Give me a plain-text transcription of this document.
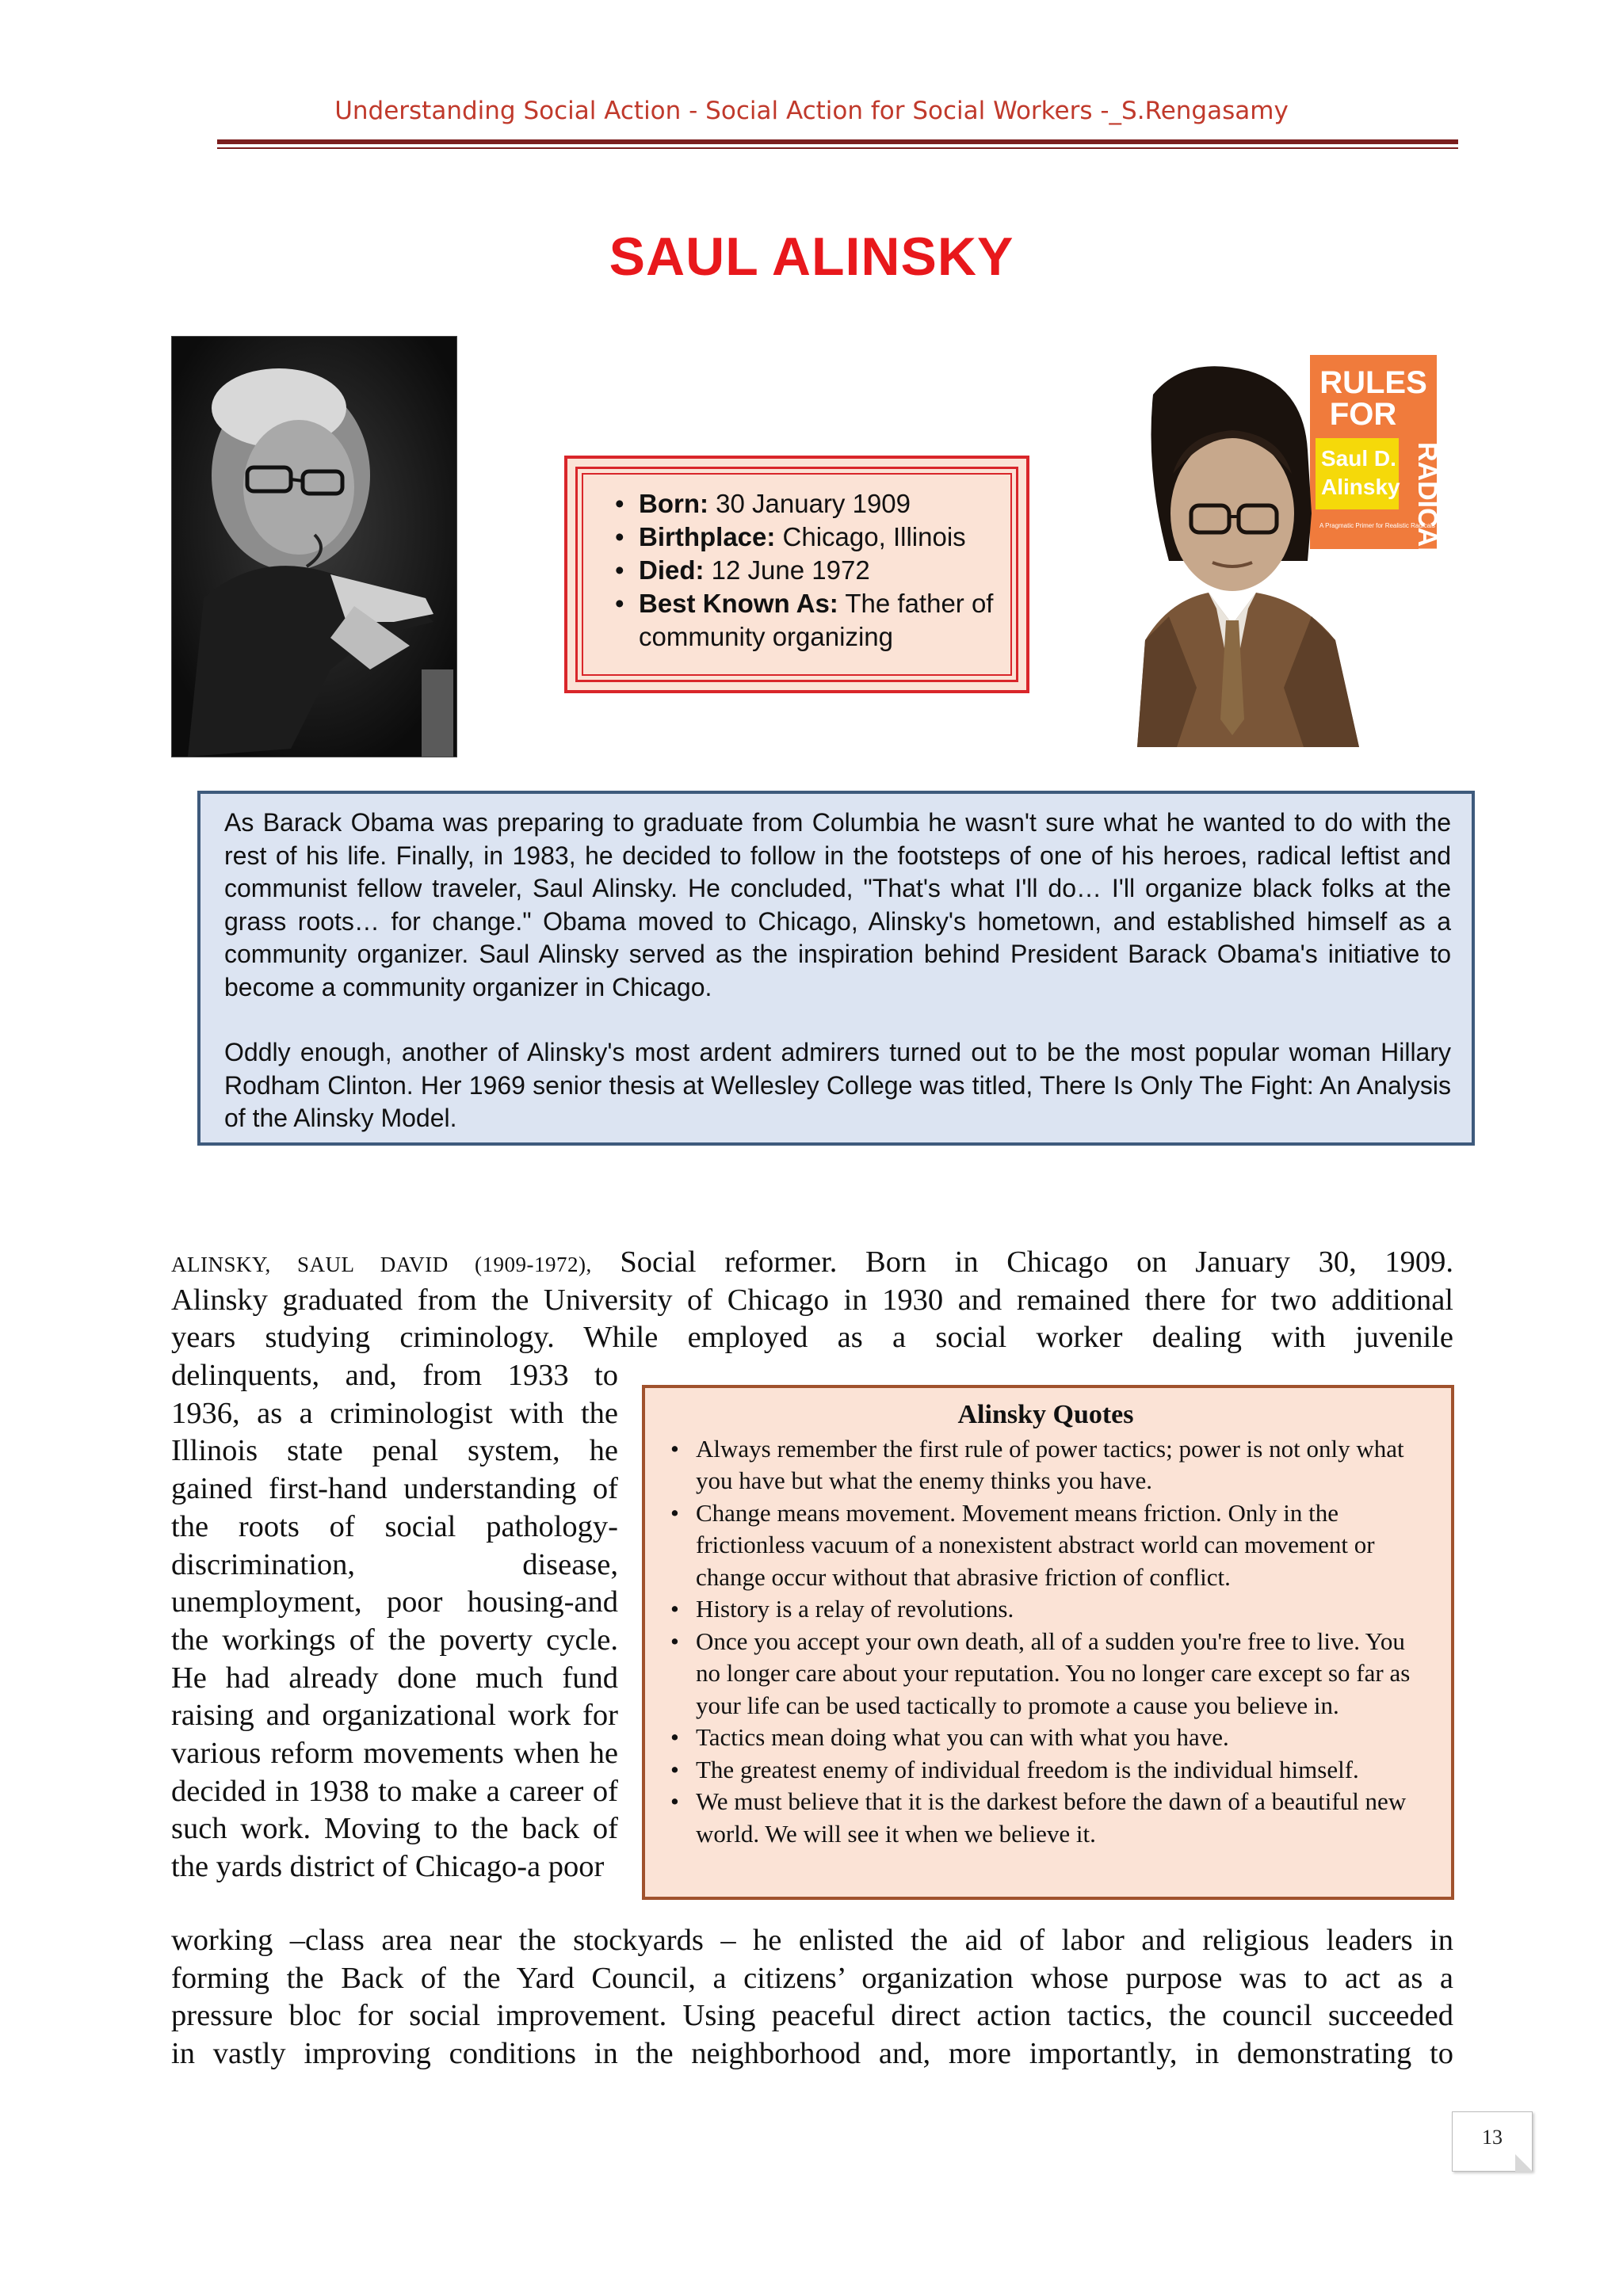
Understanding Social Action - Social Action for Social Workers -_S.Rengasamy
SAUL ALINSKY
• Born: 30 January 1909
• Birthplace: Chicago, Illinois
• Died: 12 June 1972
• Best Known As: The father of community organizing
RULES
FOR
RADICALS
Saul D.
Alinsky
A Pragmatic Primer for Realistic Radicals

As Barack Obama was preparing to graduate from Columbia he wasn't sure what he wanted to do with the rest of his life. Finally, in 1983, he decided to follow in the footsteps of one of his heroes, radical leftist and communist fellow traveler, Saul Alinsky. He concluded, "That's what I'll do… I'll organize black folks at the grass roots… for change." Obama moved to Chicago, Alinsky's hometown, and established himself as a community organizer. Saul Alinsky served as the inspiration behind President Barack Obama's initiative to become a community organizer in Chicago.

Oddly enough, another of Alinsky's most ardent admirers turned out to be the most popular woman Hillary Rodham Clinton. Her 1969 senior thesis at Wellesley College was titled, There Is Only The Fight: An Analysis of the Alinsky Model.

ALINSKY, SAUL DAVID (1909-1972), Social reformer. Born in Chicago on January 30, 1909.
Alinsky graduated from the University of Chicago in 1930 and remained there for two additional
years studying criminology. While employed as a social worker dealing with juvenile
delinquents, and, from 1933 to 1936, as a criminologist with the Illinois state penal system, he gained first-hand understanding of the roots of social pathology-discrimination, disease, unemployment, poor housing-and the workings of the poverty cycle. He had already done much fund raising and organizational work for various reform movements when he decided in 1938 to make a career of such work. Moving to the back of the yards district of Chicago-a poor
Alinsky Quotes
• Always remember the first rule of power tactics; power is not only what you have but what the enemy thinks you have.
• Change means movement. Movement means friction. Only in the frictionless vacuum of a nonexistent abstract world can movement or change occur without that abrasive friction of conflict.
• History is a relay of revolutions.
• Once you accept your own death, all of a sudden you're free to live. You no longer care about your reputation. You no longer care except so far as your life can be used tactically to promote a cause you believe in.
• Tactics mean doing what you can with what you have.
• The greatest enemy of individual freedom is the individual himself.
• We must believe that it is the darkest before the dawn of a beautiful new world. We will see it when we believe it.
working –class area near the stockyards – he enlisted the aid of labor and religious leaders in
forming the Back of the Yard Council, a citizens’ organization whose purpose was to act as a
pressure bloc for social improvement. Using peaceful direct action tactics, the council succeeded
in vastly improving conditions in the neighborhood and, more importantly, in demonstrating to
13
